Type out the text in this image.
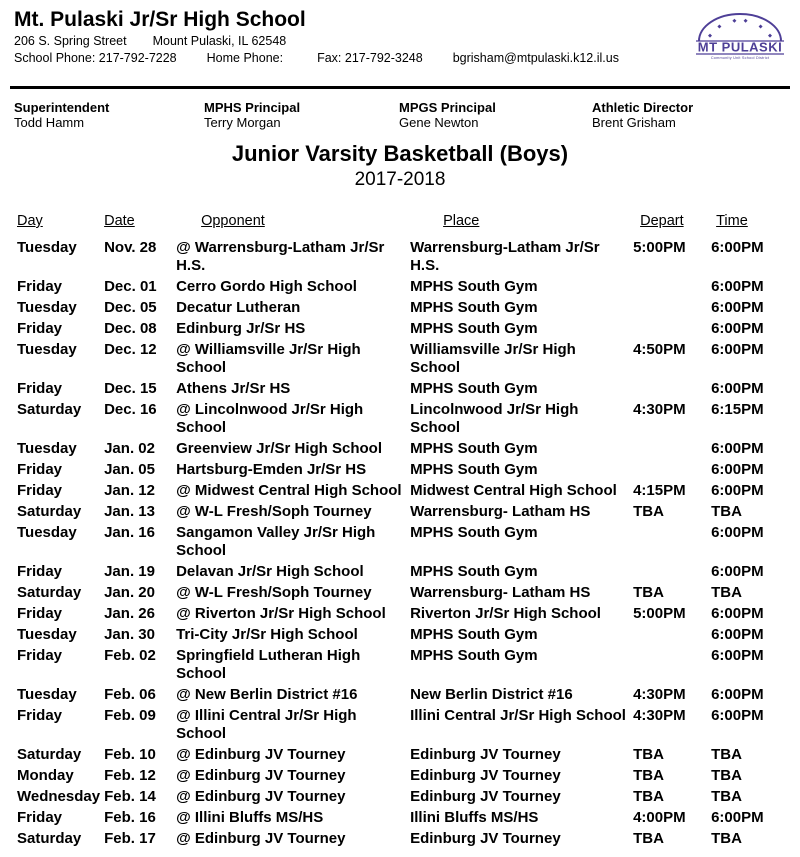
Mt. Pulaski Jr/Sr High School
206 S. Spring Street Mount Pulaski, IL 62548
School Phone: 217-792-7228 Home Phone:	Fax: 217-792-3248 bgrisham@mtpulaski.k12.il.us
MT PULASKI
Community Unit School District
Superintendent
Todd Hamm
MPHS Principal
Terry Morgan
MPGS Principal
Gene Newton
Athletic Director
Brent Grisham
Junior Varsity Basketball (Boys)
2017-2018
Day	Date	Opponent	Place	Depart	Time
Tuesday	Nov. 28	@ Warrensburg-Latham Jr/Sr H.S.	Warrensburg-Latham Jr/Sr H.S.	5:00PM	6:00PM
Friday	Dec. 01	Cerro Gordo High School	MPHS South Gym		6:00PM
Tuesday	Dec. 05	Decatur Lutheran	MPHS South Gym		6:00PM
Friday	Dec. 08	Edinburg Jr/Sr HS	MPHS South Gym		6:00PM
Tuesday	Dec. 12	@ Williamsville Jr/Sr High School	Williamsville Jr/Sr High School	4:50PM	6:00PM
Friday	Dec. 15	Athens Jr/Sr HS	MPHS South Gym		6:00PM
Saturday	Dec. 16	@ Lincolnwood Jr/Sr High School	Lincolnwood Jr/Sr High School	4:30PM	6:15PM
Tuesday	Jan. 02	Greenview Jr/Sr High School	MPHS South Gym		6:00PM
Friday	Jan. 05	Hartsburg-Emden Jr/Sr HS	MPHS South Gym		6:00PM
Friday	Jan. 12	@ Midwest Central High School	Midwest Central High School	4:15PM	6:00PM
Saturday	Jan. 13	@ W-L Fresh/Soph Tourney	Warrensburg- Latham HS	TBA	TBA
Tuesday	Jan. 16	Sangamon Valley Jr/Sr High School	MPHS South Gym		6:00PM
Friday	Jan. 19	Delavan Jr/Sr High School	MPHS South Gym		6:00PM
Saturday	Jan. 20	@ W-L Fresh/Soph Tourney	Warrensburg- Latham HS	TBA	TBA
Friday	Jan. 26	@ Riverton Jr/Sr High School	Riverton Jr/Sr High School	5:00PM	6:00PM
Tuesday	Jan. 30	Tri-City Jr/Sr High School	MPHS South Gym		6:00PM
Friday	Feb. 02	Springfield Lutheran High School	MPHS South Gym		6:00PM
Tuesday	Feb. 06	@ New Berlin District #16	New Berlin District #16	4:30PM	6:00PM
Friday	Feb. 09	@ Illini Central Jr/Sr High School	Illini Central Jr/Sr High School	4:30PM	6:00PM
Saturday	Feb. 10	@ Edinburg JV Tourney	Edinburg JV Tourney	TBA	TBA
Monday	Feb. 12	@ Edinburg JV Tourney	Edinburg JV Tourney	TBA	TBA
Wednesday	Feb. 14	@ Edinburg JV Tourney	Edinburg JV Tourney	TBA	TBA
Friday	Feb. 16	@ Illini Bluffs MS/HS	Illini Bluffs MS/HS	4:00PM	6:00PM
Saturday	Feb. 17	@ Edinburg JV Tourney	Edinburg JV Tourney	TBA	TBA
